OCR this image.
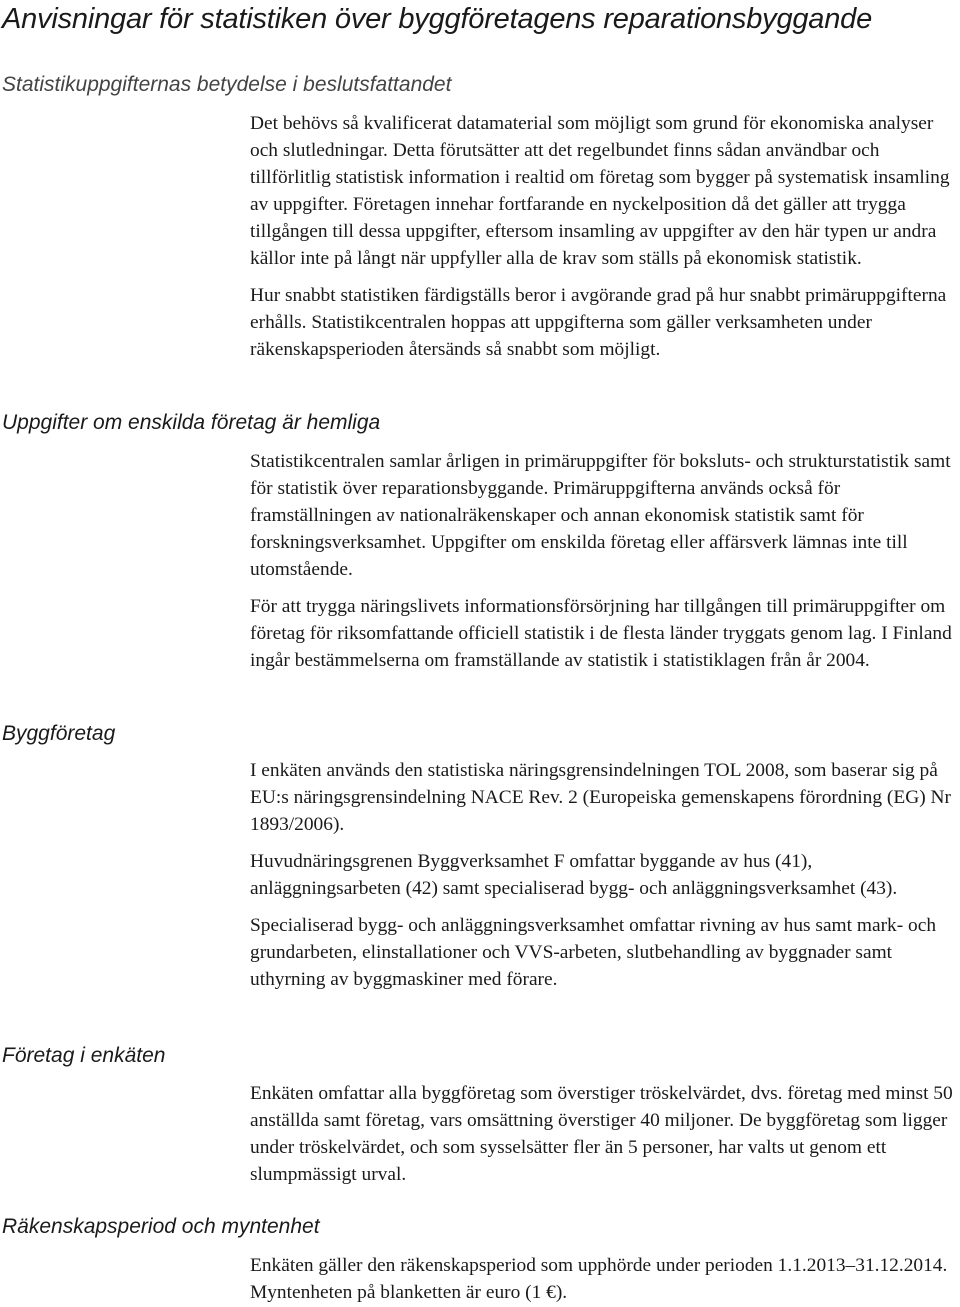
Anvisningar för statistiken över byggföretagens reparationsbyggande
Statistikuppgifternas betydelse i beslutsfattandet

Det behövs så kvalificerat datamaterial som möjligt som grund för ekonomiska analyser och slutledningar. Detta förutsätter att det regelbundet finns sådan användbar och tillförlitlig statistisk information i realtid om företag som bygger på systematisk insamling av uppgifter. Företagen innehar fortfarande en nyckelposition då det gäller att trygga tillgången till dessa uppgifter, eftersom insamling av uppgifter av den här typen ur andra källor inte på långt när uppfyller alla de krav som ställs på ekonomisk statistik.

Hur snabbt statistiken färdigställs beror i avgörande grad på hur snabbt primäruppgifterna erhålls. Statistikcentralen hoppas att uppgifterna som gäller verksamheten under räkenskapsperioden återsänds så snabbt som möjligt.

Uppgifter om enskilda företag är hemliga

Statistikcentralen samlar årligen in primäruppgifter för boksluts- och strukturstatistik samt för statistik över reparationsbyggande. Primäruppgifterna används också för framställningen av nationalräkenskaper och annan ekonomisk statistik samt för forskningsverksamhet. Uppgifter om enskilda företag eller affärsverk lämnas inte till utomstående.

För att trygga näringslivets informationsförsörjning har tillgången till primäruppgifter om företag för riksomfattande officiell statistik i de flesta länder tryggats genom lag. I Finland ingår bestämmelserna om framställande av statistik i statistiklagen från år 2004.

Byggföretag

I enkäten används den statistiska näringsgrensindelningen TOL 2008, som baserar sig på EU:s näringsgrensindelning NACE Rev. 2 (Europeiska gemenskapens förordning (EG) Nr 1893/2006).

Huvudnäringsgrenen Byggverksamhet F omfattar byggande av hus (41), anläggningsarbeten (42) samt specialiserad bygg- och anläggningsverksamhet (43).

Specialiserad bygg- och anläggningsverksamhet omfattar rivning av hus samt mark- och grundarbeten, elinstallationer och VVS-arbeten, slutbehandling av byggnader samt uthyrning av byggmaskiner med förare.

Företag i enkäten

Enkäten omfattar alla byggföretag som överstiger tröskelvärdet, dvs. företag med minst 50 anställda samt företag, vars omsättning överstiger 40 miljoner. De byggföretag som ligger under tröskelvärdet, och som sysselsätter fler än 5 personer, har valts ut genom ett slumpmässigt urval.

Räkenskapsperiod och myntenhet

Enkäten gäller den räkenskapsperiod som upphörde under perioden 1.1.2013–31.12.2014. Myntenheten på blanketten är euro (1 €).
